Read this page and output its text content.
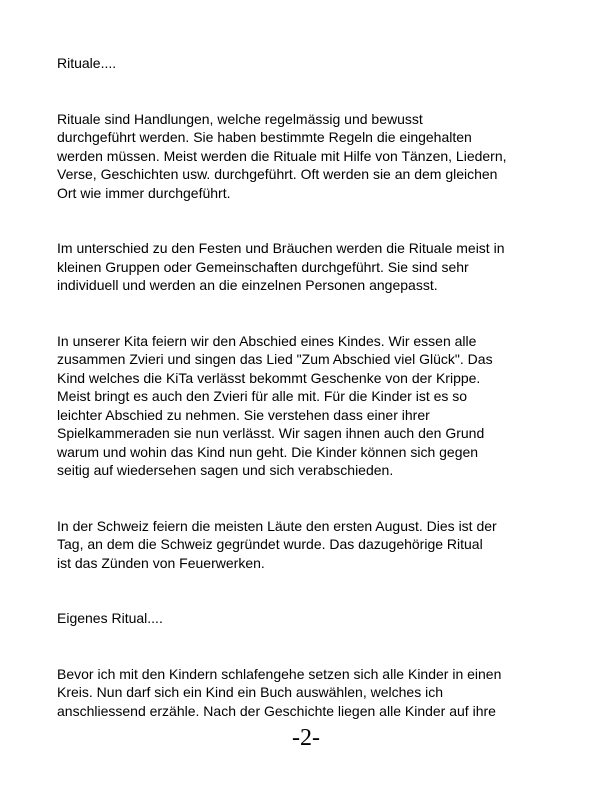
Rituale....
Rituale sind Handlungen, welche regelmässig und bewusst
durchgeführt werden. Sie haben bestimmte Regeln die eingehalten
werden müssen. Meist werden die Rituale mit Hilfe von Tänzen, Liedern,
Verse, Geschichten usw. durchgeführt. Oft werden sie an dem gleichen
Ort wie immer durchgeführt.
Im unterschied zu den Festen und Bräuchen werden die Rituale meist in
kleinen Gruppen oder Gemeinschaften durchgeführt. Sie sind sehr
individuell und werden an die einzelnen Personen angepasst.
In unserer Kita feiern wir den Abschied eines Kindes. Wir essen alle
zusammen Zvieri und singen das Lied "Zum Abschied viel Glück". Das
Kind welches die KiTa verlässt bekommt Geschenke von der Krippe.
Meist bringt es auch den Zvieri für alle mit. Für die Kinder ist es so
leichter Abschied zu nehmen. Sie verstehen dass einer ihrer
Spielkammeraden sie nun verlässt. Wir sagen ihnen auch den Grund
warum und wohin das Kind nun geht. Die Kinder können sich gegen
seitig auf wiedersehen sagen und sich verabschieden.
In der Schweiz feiern die meisten Läute den ersten August. Dies ist der
Tag, an dem die Schweiz gegründet wurde. Das dazugehörige Ritual
ist das Zünden von Feuerwerken.
Eigenes Ritual....
Bevor ich mit den Kindern schlafengehe setzen sich alle Kinder in einen
Kreis. Nun darf sich ein Kind ein Buch auswählen, welches ich
anschliessend erzähle. Nach der Geschichte liegen alle Kinder auf ihre
-2-
